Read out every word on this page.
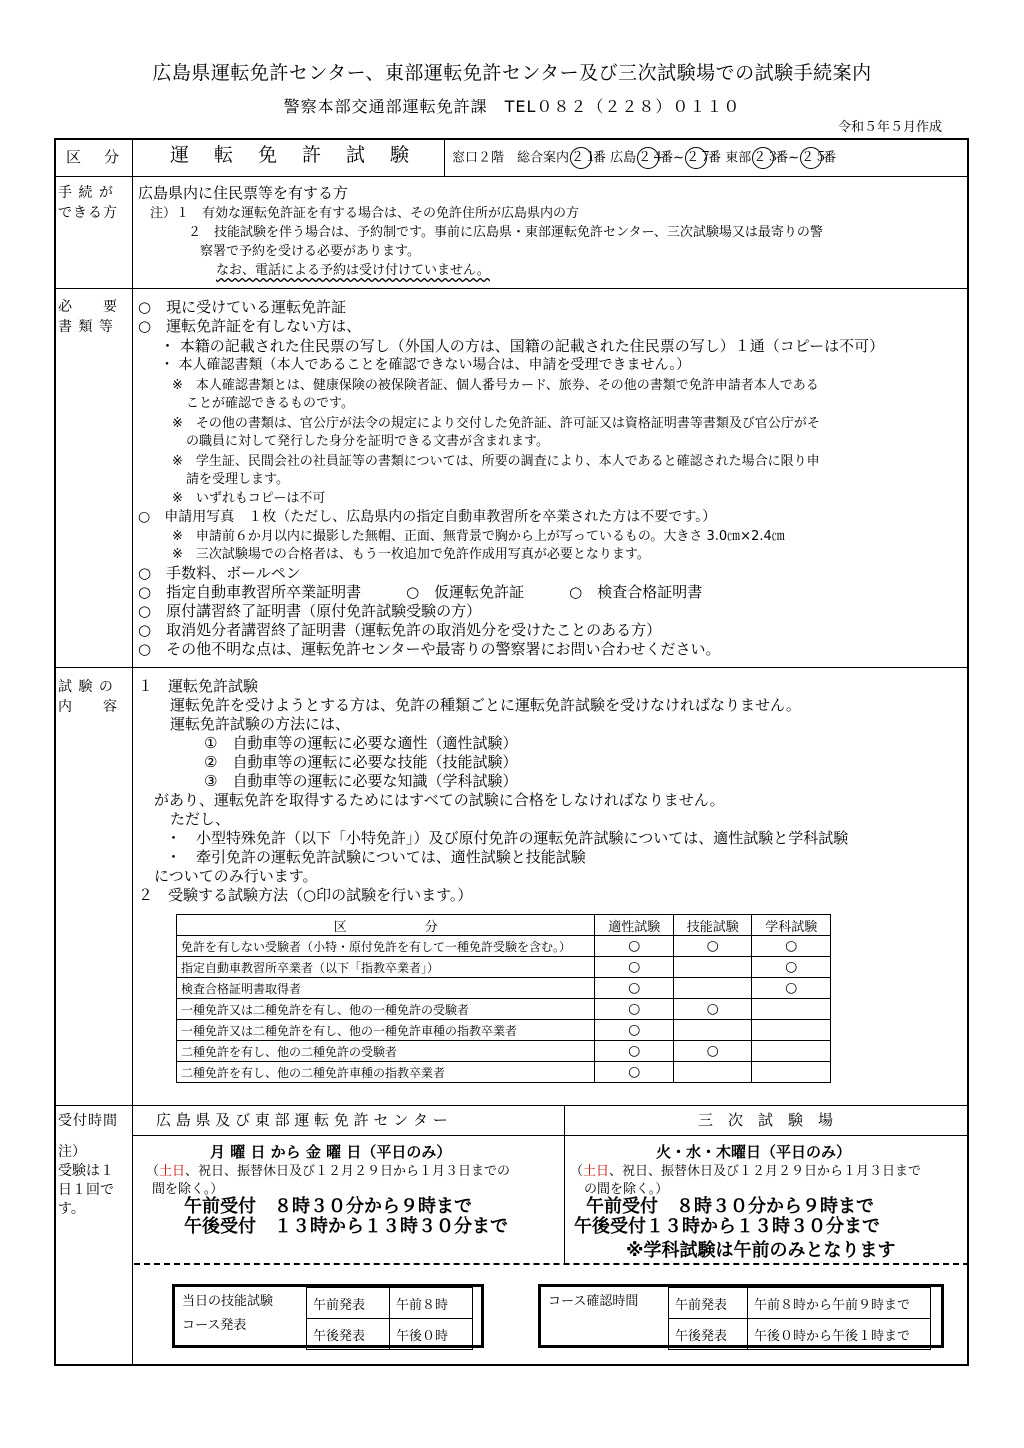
広島県運転免許センター、東部運転免許センター及び三次試験場での試験手続案内
警察本部交通部運転免許課　TEL０８２（２２８）０１１０
令和５年５月作成
区　分 運　転　免　許　試　験	窓口２階　総合案内 ２１番 広島 ２４番~ ２７番 東部 ２３番~ ２５番
手 続 が
できる方
広島県内に住民票等を有する方
注）１　有効な運転免許証を有する場合は、その免許住所が広島県内の方
２　技能試験を伴う場合は、予約制です。事前に広島県・東部運転免許センター、三次試験場又は最寄りの警
察署で予約を受ける必要があります。
なお、電話による予約は受け付けていません。
必　　要
書 類 等
○　現に受けている運転免許証
○　運転免許証を有しない方は、
・ 本籍の記載された住民票の写し（外国人の方は、国籍の記載された住民票の写し）１通（コピーは不可）
・ 本人確認書類（本人であることを確認できない場合は、申請を受理できません。）
※　本人確認書類とは、健康保険の被保険者証、個人番号カード、旅券、その他の書類で免許申請者本人である
ことが確認できるものです。
※　その他の書類は、官公庁が法令の規定により交付した免許証、許可証又は資格証明書等書類及び官公庁がそ
の職員に対して発行した身分を証明できる文書が含まれます。
※　学生証、民間会社の社員証等の書類については、所要の調査により、本人であると確認された場合に限り申
請を受理します。
※　いずれもコピーは不可
○　申請用写真　１枚（ただし、広島県内の指定自動車教習所を卒業された方は不要です。）
※　申請前６か月以内に撮影した無帽、正面、無背景で胸から上が写っているもの。大きさ 3.0㎝×2.4㎝
※　三次試験場での合格者は、もう一枚追加で免許作成用写真が必要となります。
○　手数料、ボールペン
○　指定自動車教習所卒業証明書　　　○　仮運転免許証　　　○　検査合格証明書
○　原付講習終了証明書（原付免許試験受験の方）
○　取消処分者講習終了証明書（運転免許の取消処分を受けたことのある方）
○　その他不明な点は、運転免許センターや最寄りの警察署にお問い合わせください。
試 験 の
内　　容
１　運転免許試験
運転免許を受けようとする方は、免許の種類ごとに運転免許試験を受けなければなりません。
運転免許試験の方法には、
①　自動車等の運転に必要な適性（適性試験）
②　自動車等の運転に必要な技能（技能試験）
③　自動車等の運転に必要な知識（学科試験）
があり、運転免許を取得するためにはすべての試験に合格をしなければなりません。
ただし、
・　小型特殊免許（以下「小特免許」）及び原付免許の運転免許試験については、適性試験と学科試験
・　牽引免許の運転免許試験については、適性試験と技能試験
についてのみ行います。
２　受験する試験方法（○印の試験を行います。）
区　　　　　　分	適性試験	技能試験	学科試験
免許を有しない受験者（小特・原付免許を有して一種免許受験を含む。）	○	○	○
指定自動車教習所卒業者（以下「指教卒業者」）	○		○
検査合格証明書取得者	○		○
一種免許又は二種免許を有し、他の一種免許の受験者	○	○	
一種免許又は二種免許を有し、他の一種免許車種の指教卒業者	○		
二種免許を有し、他の二種免許の受験者	○	○	
二種免許を有し、他の二種免許車種の指教卒業者	○		
受付時間
注）
受験は１
日１回で
す。
広 島 県 及 び 東 部 運 転 免 許 セ ン タ ー
月 曜 日 から 金 曜 日（平日のみ）
（土日、祝日、振替休日及び１２月２９日から１月３日までの
間を除く。）
午前受付　８時３０分から９時まで
午後受付　１３時から１３時３０分まで
三　次　試　験　場
火・水・木曜日（平日のみ）
（土日、祝日、振替休日及び１２月２９日から１月３日まで
の間を除く。）
午前受付　８時３０分から９時まで
午後受付１３時から１３時３０分まで
※学科試験は午前のみとなります
当日の技能試験
コース発表
午前発表	午前８時
午後発表	午後０時
コース確認時間	午前発表	午前８時から午前９時まで
午後発表	午後０時から午後１時まで
